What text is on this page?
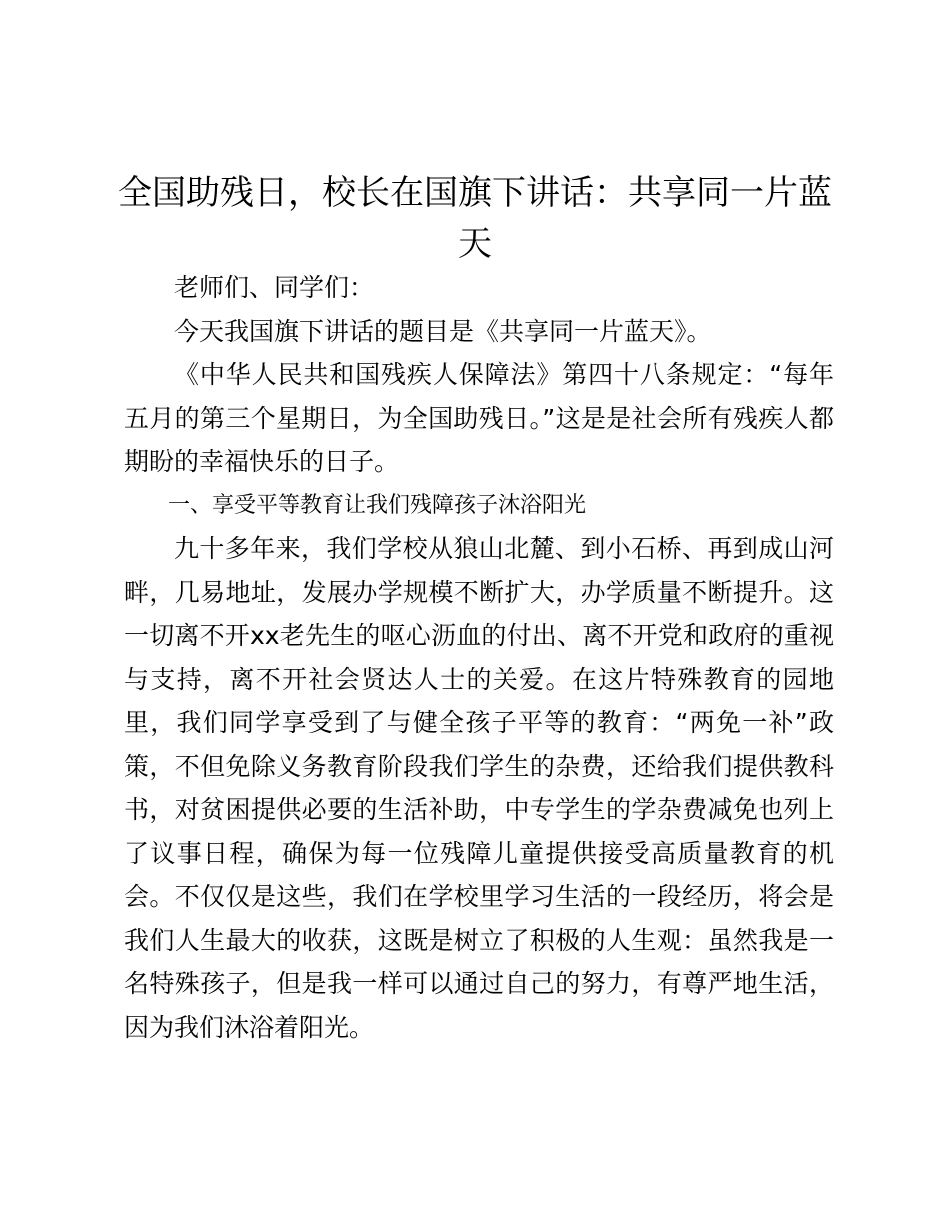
全国助残日，校长在国旗下讲话：共享同一片蓝天

老师们、同学们：

今天我国旗下讲话的题目是《共享同一片蓝天》。

《中华人民共和国残疾人保障法》第四十八条规定：“每年五月的第三个星期日，为全国助残日。”这是是社会所有残疾人都期盼的幸福快乐的日子。

一、享受平等教育让我们残障孩子沐浴阳光

九十多年来，我们学校从狼山北麓、到小石桥、再到成山河畔，几易地址，发展办学规模不断扩大，办学质量不断提升。这一切离不开xx老先生的呕心沥血的付出、离不开党和政府的重视与支持，离不开社会贤达人士的关爱。在这片特殊教育的园地里，我们同学享受到了与健全孩子平等的教育：“两免一补”政策，不但免除义务教育阶段我们学生的杂费，还给我们提供教科书，对贫困提供必要的生活补助，中专学生的学杂费减免也列上了议事日程，确保为每一位残障儿童提供接受高质量教育的机会。不仅仅是这些，我们在学校里学习生活的一段经历，将会是我们人生最大的收获，这既是树立了积极的人生观：虽然我是一名特殊孩子，但是我一样可以通过自己的努力，有尊严地生活，因为我们沐浴着阳光。
